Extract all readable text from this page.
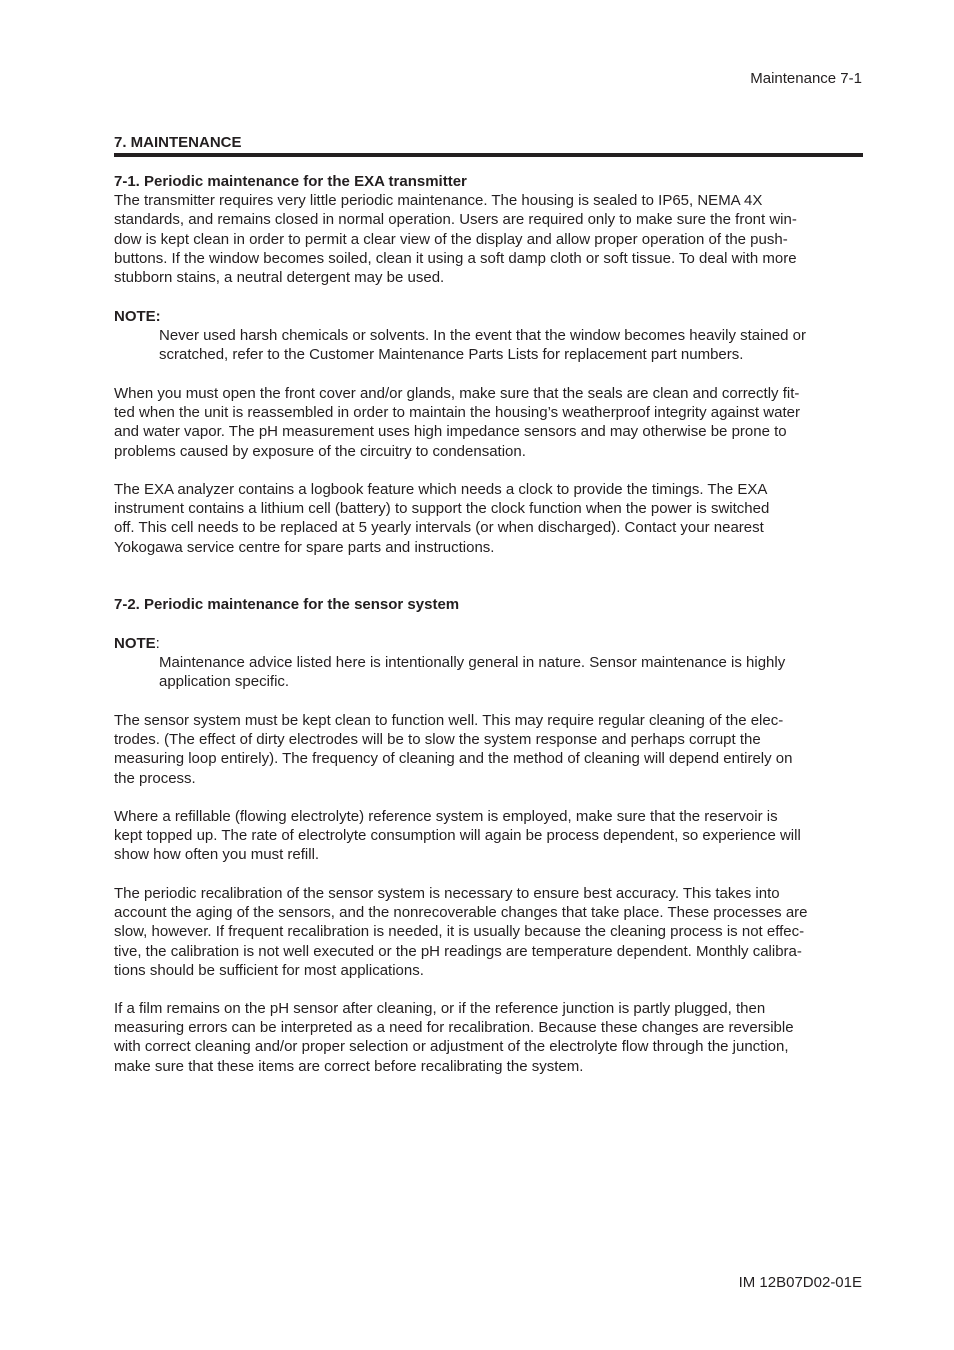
Maintenance 7-1
7. MAINTENANCE

7-1. Periodic maintenance for the EXA transmitter

The transmitter requires very little periodic maintenance. The housing is sealed to IP65, NEMA 4X

standards, and remains closed in normal operation. Users are required only to make sure the front win-

dow is kept clean in order to permit a clear view of the display and allow proper operation of the push-

buttons. If the window becomes soiled, clean it using a soft damp cloth or soft tissue. To deal with more

stubborn stains, a neutral detergent may be used.

NOTE:

Never used harsh chemicals or solvents. In the event that the window becomes heavily stained or

scratched, refer to the Customer Maintenance Parts Lists for replacement part numbers.

When you must open the front cover and/or glands, make sure that the seals are clean and correctly fit-

ted when the unit is reassembled in order to maintain the housing’s weatherproof integrity against water

and water vapor. The pH measurement uses high impedance sensors and may otherwise be prone to

problems caused by exposure of the circuitry to condensation.

The EXA analyzer contains a logbook feature which needs a clock to provide the timings. The EXA

instrument contains a lithium cell (battery) to support the clock function when the power is switched

off. This cell needs to be replaced at 5 yearly intervals (or when discharged). Contact your nearest

Yokogawa service centre for spare parts and instructions.

7-2. Periodic maintenance for the sensor system

NOTE:

Maintenance advice listed here is intentionally general in nature. Sensor maintenance is highly

application specific.

The sensor system must be kept clean to function well. This may require regular cleaning of the elec-

trodes. (The effect of dirty electrodes will be to slow the system response and perhaps corrupt the

measuring loop entirely). The frequency of cleaning and the method of cleaning will depend entirely on

the process.

Where a refillable (flowing electrolyte) reference system is employed, make sure that the reservoir is

kept topped up. The rate of electrolyte consumption will again be process dependent, so experience will

show how often you must refill.

The periodic recalibration of the sensor system is necessary to ensure best accuracy. This takes into

account the aging of the sensors, and the nonrecoverable changes that take place. These processes are

slow, however. If frequent recalibration is needed, it is usually because the cleaning process is not effec-

tive, the calibration is not well executed or the pH readings are temperature dependent. Monthly calibra-

tions should be sufficient for most applications.

If a film remains on the pH sensor after cleaning, or if the reference junction is partly plugged, then

measuring errors can be interpreted as a need for recalibration. Because these changes are reversible

with correct cleaning and/or proper selection or adjustment of the electrolyte flow through the junction,

make sure that these items are correct before recalibrating the system.

IM 12B07D02-01E
